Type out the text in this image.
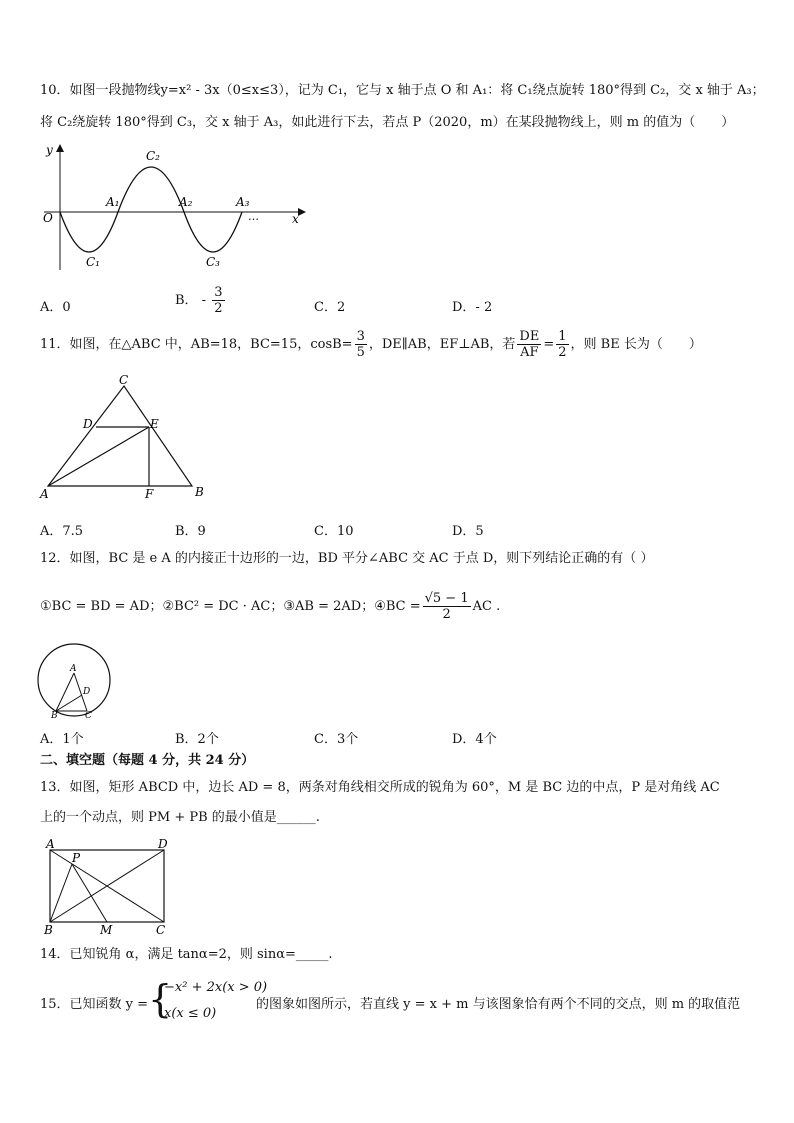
10．如图一段抛物线y=x² - 3x（0≤x≤3），记为 C₁，它与 x 轴于点 O 和 A₁：将 C₁绕点旋转 180°得到 C₂，交 x 轴于 A₃；
将 C₂绕旋转 180°得到 C₃，交 x 轴于 A₃，如此进行下去，若点 P（2020，m）在某段抛物线上，则 m 的值为（　　）
y
x
O
A₁	A₂	A₃
…
C₁
C₂
C₃
A．0	B． - $\frac{3}{2}$	C．2	D．- 2
11．如图，在△ABC 中，AB=18，BC=15，$\cos B= \frac{3}{5}$ ，DE∥AB，EF⊥AB，若 $\frac{DE}{AF} = \frac{1}{2}$ ，则 BE 长为（　　）
A	B
C
D	E
F
A．7.5	B．9	C．10	D．5
12．如图，BC 是 e A 的内接正十边形的一边，BD 平分∠ABC 交 AC 于点 D，则下列结论正确的有（ ）
①BC = BD = AD；②BC² = DC · AC；③AB = 2AD；④BC = $\frac{√5 - 1}{2}$ AC .
A
B	C
D
A．1个	B．2个	C．3个	D．4个
二、填空题（每题 4 分，共 24 分）
13．如图，矩形 ABCD 中，边长 AD = 8，两条对角线相交所成的锐角为 60°，M 是 BC 边的中点，P 是对角线 AC
上的一个动点，则 PM + PB 的最小值是______.
A
B	C
D
P
M
14．已知锐角 α，满足 tanα=2，则 sinα=_____.
15．已知函数 y = {
−x² + 2x(x > 0)
x(x ≤ 0)
的图象如图所示，若直线 y = x + m 与该图象恰有两个不同的交点，则 m 的取值范
